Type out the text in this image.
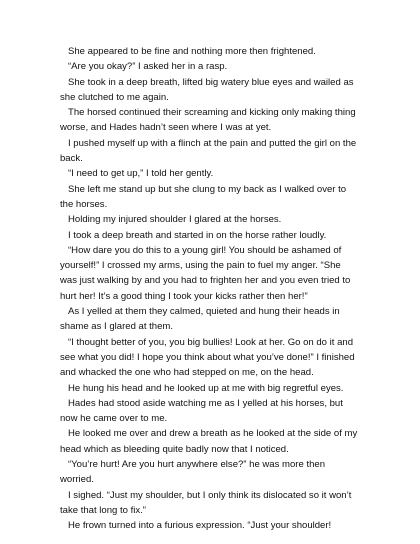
She appeared to be fine and nothing more then frightened.

“Are you okay?” I asked her in a rasp.

She took in a deep breath, lifted big watery blue eyes and wailed as she clutched to me again.

The horsed continued their screaming and kicking only making thing worse, and Hades hadn’t seen where I was at yet.

I pushed myself up with a flinch at the pain and putted the girl on the back.

“I need to get up,” I told her gently.

She left me stand up but she clung to my back as I walked over to the horses.

Holding my injured shoulder I glared at the horses.

I took a deep breath and started in on the horse rather loudly.

“How dare you do this to a young girl! You should be ashamed of yourself!” I crossed my arms, using the pain to fuel my anger. “She was just walking by and you had to frighten her and you even tried to hurt her! It’s a good thing I took your kicks rather then her!”

As I yelled at them they calmed, quieted and hung their heads in shame as I glared at them.

“I thought better of you, you big bullies! Look at her. Go on do it and see what you did! I hope you think about what you’ve done!” I finished and whacked the one who had stepped on me, on the head.

He hung his head and he looked up at me with big regretful eyes.

Hades had stood aside watching me as I yelled at his horses, but now he came over to me.

He looked me over and drew a breath as he looked at the side of my head which as bleeding quite badly now that I noticed.

“You’re hurt! Are you hurt anywhere else?” he was more then worried.

I sighed. “Just my shoulder, but I only think its dislocated so it won’t take that long to fix.”

He frown turned into a furious expression. “Just your shoulder!
